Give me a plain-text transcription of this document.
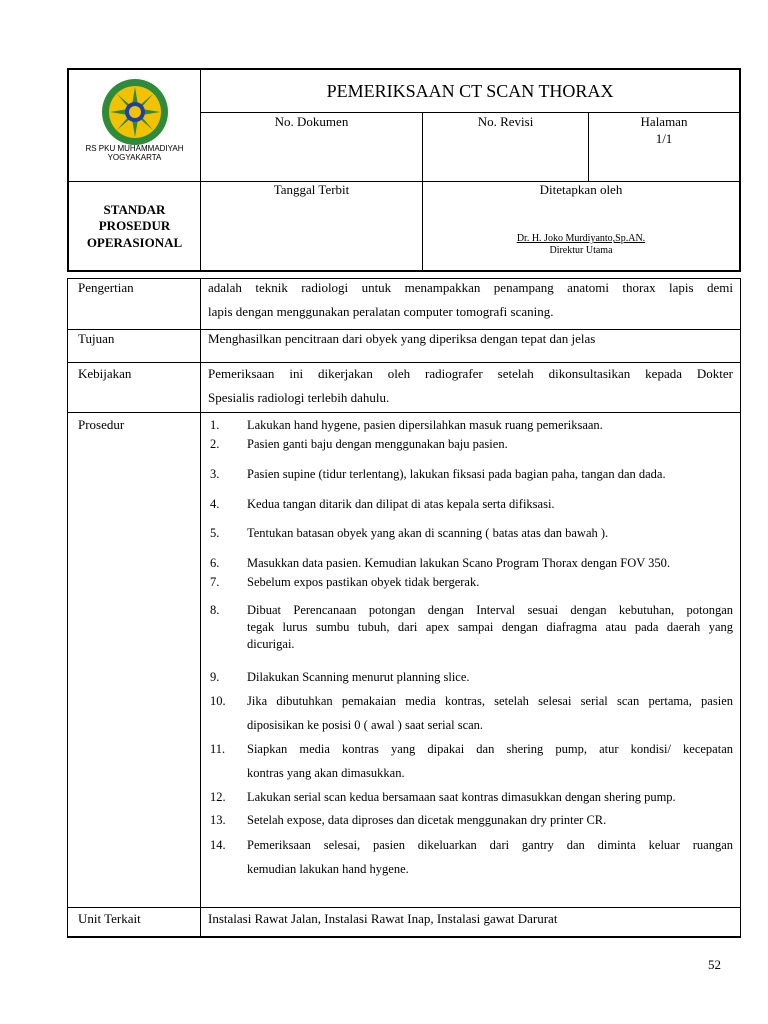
RS PKU MUHAMMADIYAH
YOGYAKARTA
PEMERIKSAAN CT SCAN THORAX
No. Dokumen	No. Revisi	Halaman
1/1
STANDAR
PROSEDUR
OPERASIONAL
Tanggal Terbit	Ditetapkan oleh
Dr. H. Joko Murdiyanto,Sp.AN.
Direktur Utama
Pengertian	adalah teknik radiologi untuk menampakkan penampang anatomi thorax lapis demi
lapis dengan menggunakan peralatan computer tomografi scaning.
Tujuan	Menghasilkan pencitraan dari obyek yang diperiksa dengan tepat dan jelas
Kebijakan	Pemeriksaan ini dikerjakan oleh radiografer setelah dikonsultasikan kepada Dokter
Spesialis radiologi terlebih dahulu.
Prosedur	1. Lakukan hand hygene, pasien dipersilahkan masuk ruang pemeriksaan.
2. Pasien ganti baju dengan menggunakan baju pasien.
3. Pasien supine (tidur terlentang), lakukan fiksasi pada bagian paha, tangan dan dada.
4. Kedua tangan ditarik dan dilipat di atas kepala serta difiksasi.
5. Tentukan batasan obyek yang akan di scanning ( batas atas dan bawah ).
6. Masukkan data pasien. Kemudian lakukan Scano Program Thorax dengan FOV 350.
7. Sebelum expos pastikan obyek tidak bergerak.
8. Dibuat Perencanaan potongan dengan Interval sesuai dengan kebutuhan, potongan
tegak lurus sumbu tubuh, dari apex sampai dengan diafragma atau pada daerah yang
dicurigai.
9. Dilakukan Scanning menurut planning slice.
10. Jika dibutuhkan pemakaian media kontras, setelah selesai serial scan pertama, pasien
diposisikan ke posisi 0 ( awal ) saat serial scan.
11. Siapkan media kontras yang dipakai dan shering pump, atur kondisi/ kecepatan
kontras yang akan dimasukkan.
12. Lakukan serial scan kedua bersamaan saat kontras dimasukkan dengan shering pump.
13. Setelah expose, data diproses dan dicetak menggunakan dry printer CR.
14. Pemeriksaan selesai, pasien dikeluarkan dari gantry dan diminta keluar ruangan
kemudian lakukan hand hygene.
Unit Terkait	Instalasi Rawat Jalan, Instalasi Rawat Inap, Instalasi gawat Darurat
52
